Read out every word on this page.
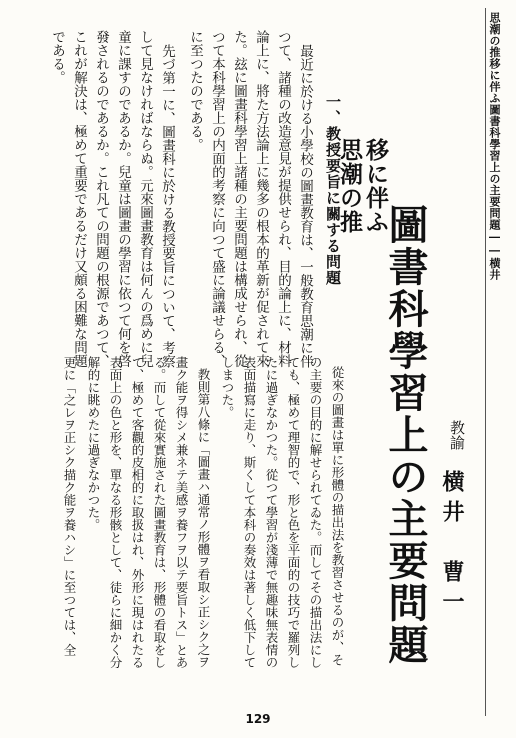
思潮の推移に伴ふ圖書科學習上の主要問題――横井
思潮の推 移に伴ふ
圖書科學習上の主要問題	教諭
横井　曹一
一、教授要旨に關する問題
最近に於ける小學校の圖畫教育は、一般教育思潮に伴
つて、諸種の改造意見が提供せられ、目的論上に、材料
論上に、將た方法論上に幾多の根本的革新が促されて來
た。玆に圖畫科學習上諸種の主要問題は構成せられ、從
つて本科學習上の内面的考察に向つて盛に論議せらる、
に至つたのである。
先づ第一に、圖畫科に於ける教授要旨について、考察
して見なければならぬ。元來圖畫教育は何んの爲めに兒
童に課すのであるか。兒童は圖畫の學習に依つて何を啓
發されるのであるか。これ凡ての問題の根源であつて、
これが解決は、極めて重要であるだけ又頗る困難な問題
である。
從來の圖畫は單に形體の描出法を教習させるのが、そ
の主要の目的に解せられてゐた。而してその描出法にし
ても、極めて理智的で、形と色を平面的の技巧で羅列し
たに過ぎなかつた。從つて學習が淺薄で無趣味無表情の
表面描寫に走り、斯くして本科の奏效は著しく低下して
しまつた。
教則第八條に「圖畫ハ通常ノ形體ヲ看取シ正シク之ヲ
畫ク能ヲ得シメ兼ネテ美感ヲ養フヲ以テ要旨トス」とあ
る。而して從來實施された圖畫教育は、形體の看取をし
て、極めて客觀的皮相的に取扱はれ、外形に現はれたる
表面上の色と形を、單なる形骸として、徒らに細かく分
解的に眺めたに過ぎなかつた。
更に「之レヲ正シク描ク能ヲ養ハシ」に至つては、全
129
